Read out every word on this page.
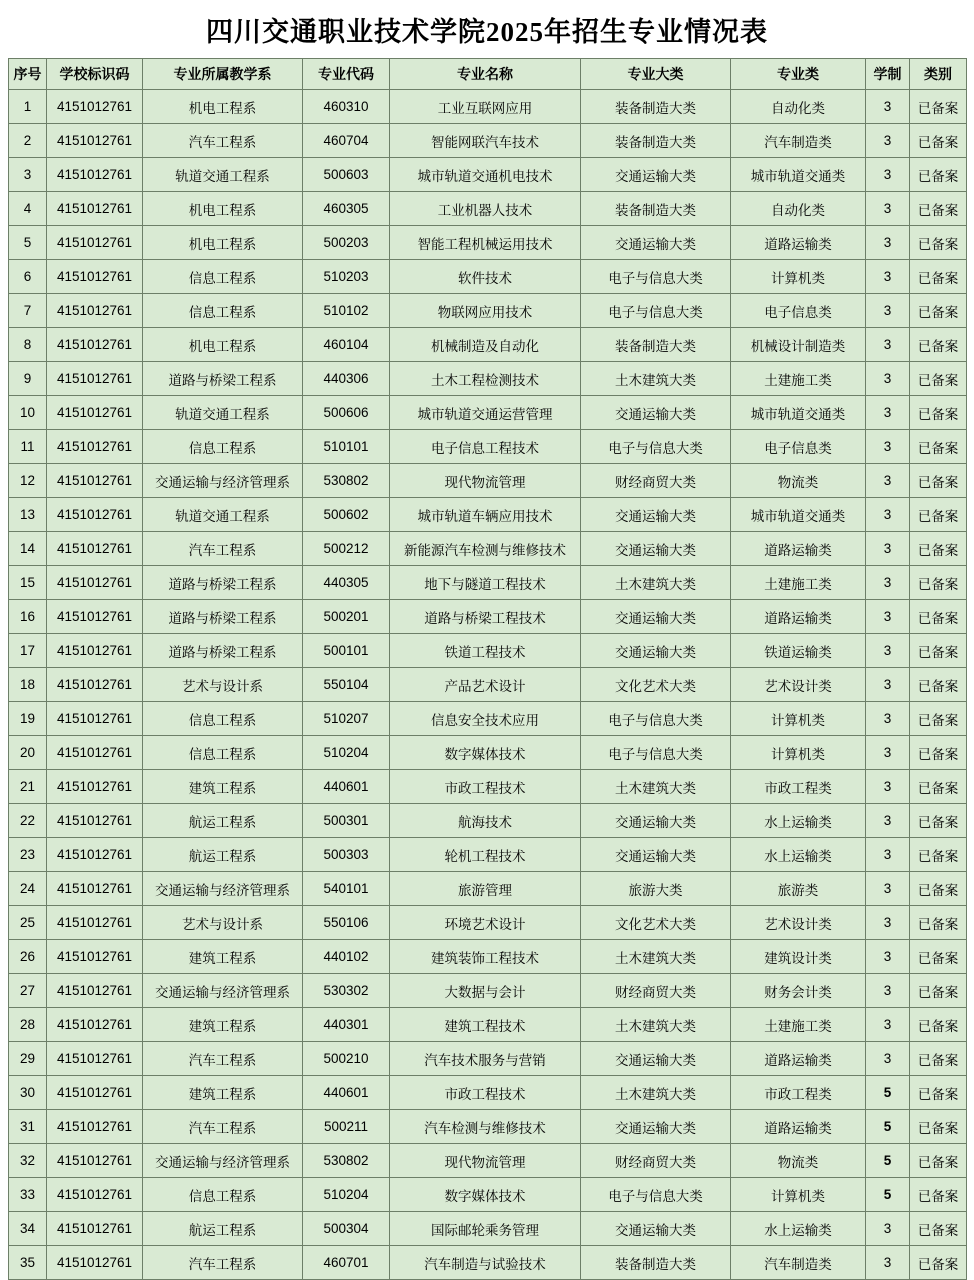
四川交通职业技术学院2025年招生专业情况表
序号	学校标识码	专业所属教学系	专业代码	专业名称	专业大类	专业类	学制	类别
1	4151012761	机电工程系	460310	工业互联网应用	装备制造大类	自动化类	3	已备案
2	4151012761	汽车工程系	460704	智能网联汽车技术	装备制造大类	汽车制造类	3	已备案
3	4151012761	轨道交通工程系	500603	城市轨道交通机电技术	交通运输大类	城市轨道交通类	3	已备案
4	4151012761	机电工程系	460305	工业机器人技术	装备制造大类	自动化类	3	已备案
5	4151012761	机电工程系	500203	智能工程机械运用技术	交通运输大类	道路运输类	3	已备案
6	4151012761	信息工程系	510203	软件技术	电子与信息大类	计算机类	3	已备案
7	4151012761	信息工程系	510102	物联网应用技术	电子与信息大类	电子信息类	3	已备案
8	4151012761	机电工程系	460104	机械制造及自动化	装备制造大类	机械设计制造类	3	已备案
9	4151012761	道路与桥梁工程系	440306	土木工程检测技术	土木建筑大类	土建施工类	3	已备案
10	4151012761	轨道交通工程系	500606	城市轨道交通运营管理	交通运输大类	城市轨道交通类	3	已备案
11	4151012761	信息工程系	510101	电子信息工程技术	电子与信息大类	电子信息类	3	已备案
12	4151012761	交通运输与经济管理系	530802	现代物流管理	财经商贸大类	物流类	3	已备案
13	4151012761	轨道交通工程系	500602	城市轨道车辆应用技术	交通运输大类	城市轨道交通类	3	已备案
14	4151012761	汽车工程系	500212	新能源汽车检测与维修技术	交通运输大类	道路运输类	3	已备案
15	4151012761	道路与桥梁工程系	440305	地下与隧道工程技术	土木建筑大类	土建施工类	3	已备案
16	4151012761	道路与桥梁工程系	500201	道路与桥梁工程技术	交通运输大类	道路运输类	3	已备案
17	4151012761	道路与桥梁工程系	500101	铁道工程技术	交通运输大类	铁道运输类	3	已备案
18	4151012761	艺术与设计系	550104	产品艺术设计	文化艺术大类	艺术设计类	3	已备案
19	4151012761	信息工程系	510207	信息安全技术应用	电子与信息大类	计算机类	3	已备案
20	4151012761	信息工程系	510204	数字媒体技术	电子与信息大类	计算机类	3	已备案
21	4151012761	建筑工程系	440601	市政工程技术	土木建筑大类	市政工程类	3	已备案
22	4151012761	航运工程系	500301	航海技术	交通运输大类	水上运输类	3	已备案
23	4151012761	航运工程系	500303	轮机工程技术	交通运输大类	水上运输类	3	已备案
24	4151012761	交通运输与经济管理系	540101	旅游管理	旅游大类	旅游类	3	已备案
25	4151012761	艺术与设计系	550106	环境艺术设计	文化艺术大类	艺术设计类	3	已备案
26	4151012761	建筑工程系	440102	建筑装饰工程技术	土木建筑大类	建筑设计类	3	已备案
27	4151012761	交通运输与经济管理系	530302	大数据与会计	财经商贸大类	财务会计类	3	已备案
28	4151012761	建筑工程系	440301	建筑工程技术	土木建筑大类	土建施工类	3	已备案
29	4151012761	汽车工程系	500210	汽车技术服务与营销	交通运输大类	道路运输类	3	已备案
30	4151012761	建筑工程系	440601	市政工程技术	土木建筑大类	市政工程类	5	已备案
31	4151012761	汽车工程系	500211	汽车检测与维修技术	交通运输大类	道路运输类	5	已备案
32	4151012761	交通运输与经济管理系	530802	现代物流管理	财经商贸大类	物流类	5	已备案
33	4151012761	信息工程系	510204	数字媒体技术	电子与信息大类	计算机类	5	已备案
34	4151012761	航运工程系	500304	国际邮轮乘务管理	交通运输大类	水上运输类	3	已备案
35	4151012761	汽车工程系	460701	汽车制造与试验技术	装备制造大类	汽车制造类	3	已备案
